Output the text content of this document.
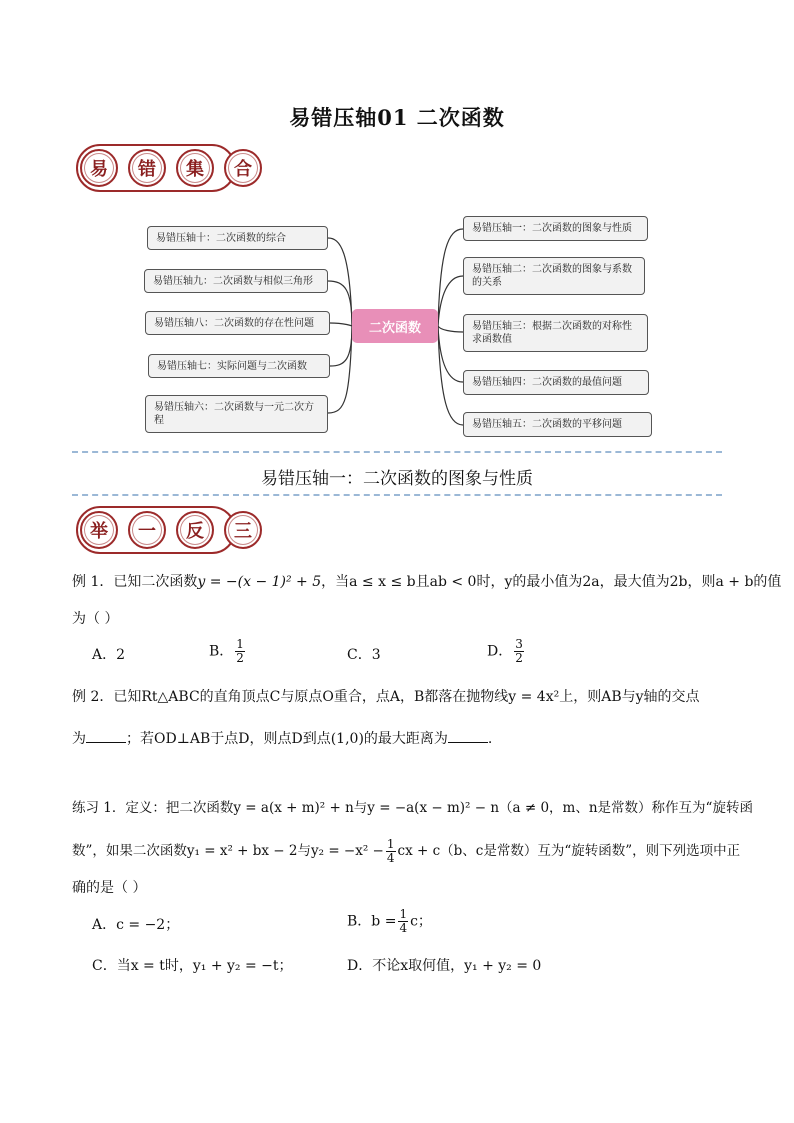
易错压轴01 二次函数
易	错	集	合
二次函数
易错压轴十：二次函数的综合
易错压轴九：二次函数与相似三角形
易错压轴八：二次函数的存在性问题
易错压轴七：实际问题与二次函数
易错压轴六：二次函数与一元二次方程
易错压轴一：二次函数的图象与性质
易错压轴二：二次函数的图象与系数的关系
易错压轴三：根据二次函数的对称性求函数值
易错压轴四：二次函数的最值问题
易错压轴五：二次函数的平移问题
易错压轴一：二次函数的图象与性质
举	一	反	三
例 1．已知二次函数y = −(x − 1)² + 5，当a ≤ x ≤ b且ab < 0时，y的最小值为2a，最大值为2b，则a + b的值
为（ ）
A．2	B． $\frac{1}{2}$	C．3	D． $\frac{3}{2}$
例 2．已知Rt△ABC的直角顶点C与原点O重合，点A，B都落在抛物线y = 4x²上，则AB与y轴的交点
为	；若OD⊥AB于点D，则点D到点(1,0)的最大距离为	.
练习 1．定义：把二次函数y = a(x + m)² + n与y = −a(x − m)² − n（a ≠ 0，m、n是常数）称作互为“旋转函
数”，如果二次函数y₁ = x² + bx − 2与$y_2 = -x^2 - \frac{1}{4}$ cx + c（b、c是常数）互为“旋转函数”，则下列选项中正
确的是（ ）
A．c = −2；	B．$b = \frac{1}{4}$ c；
C．当x = t时，y₁ + y₂ = −t；	D．不论x取何值，y₁ + y₂ = 0
